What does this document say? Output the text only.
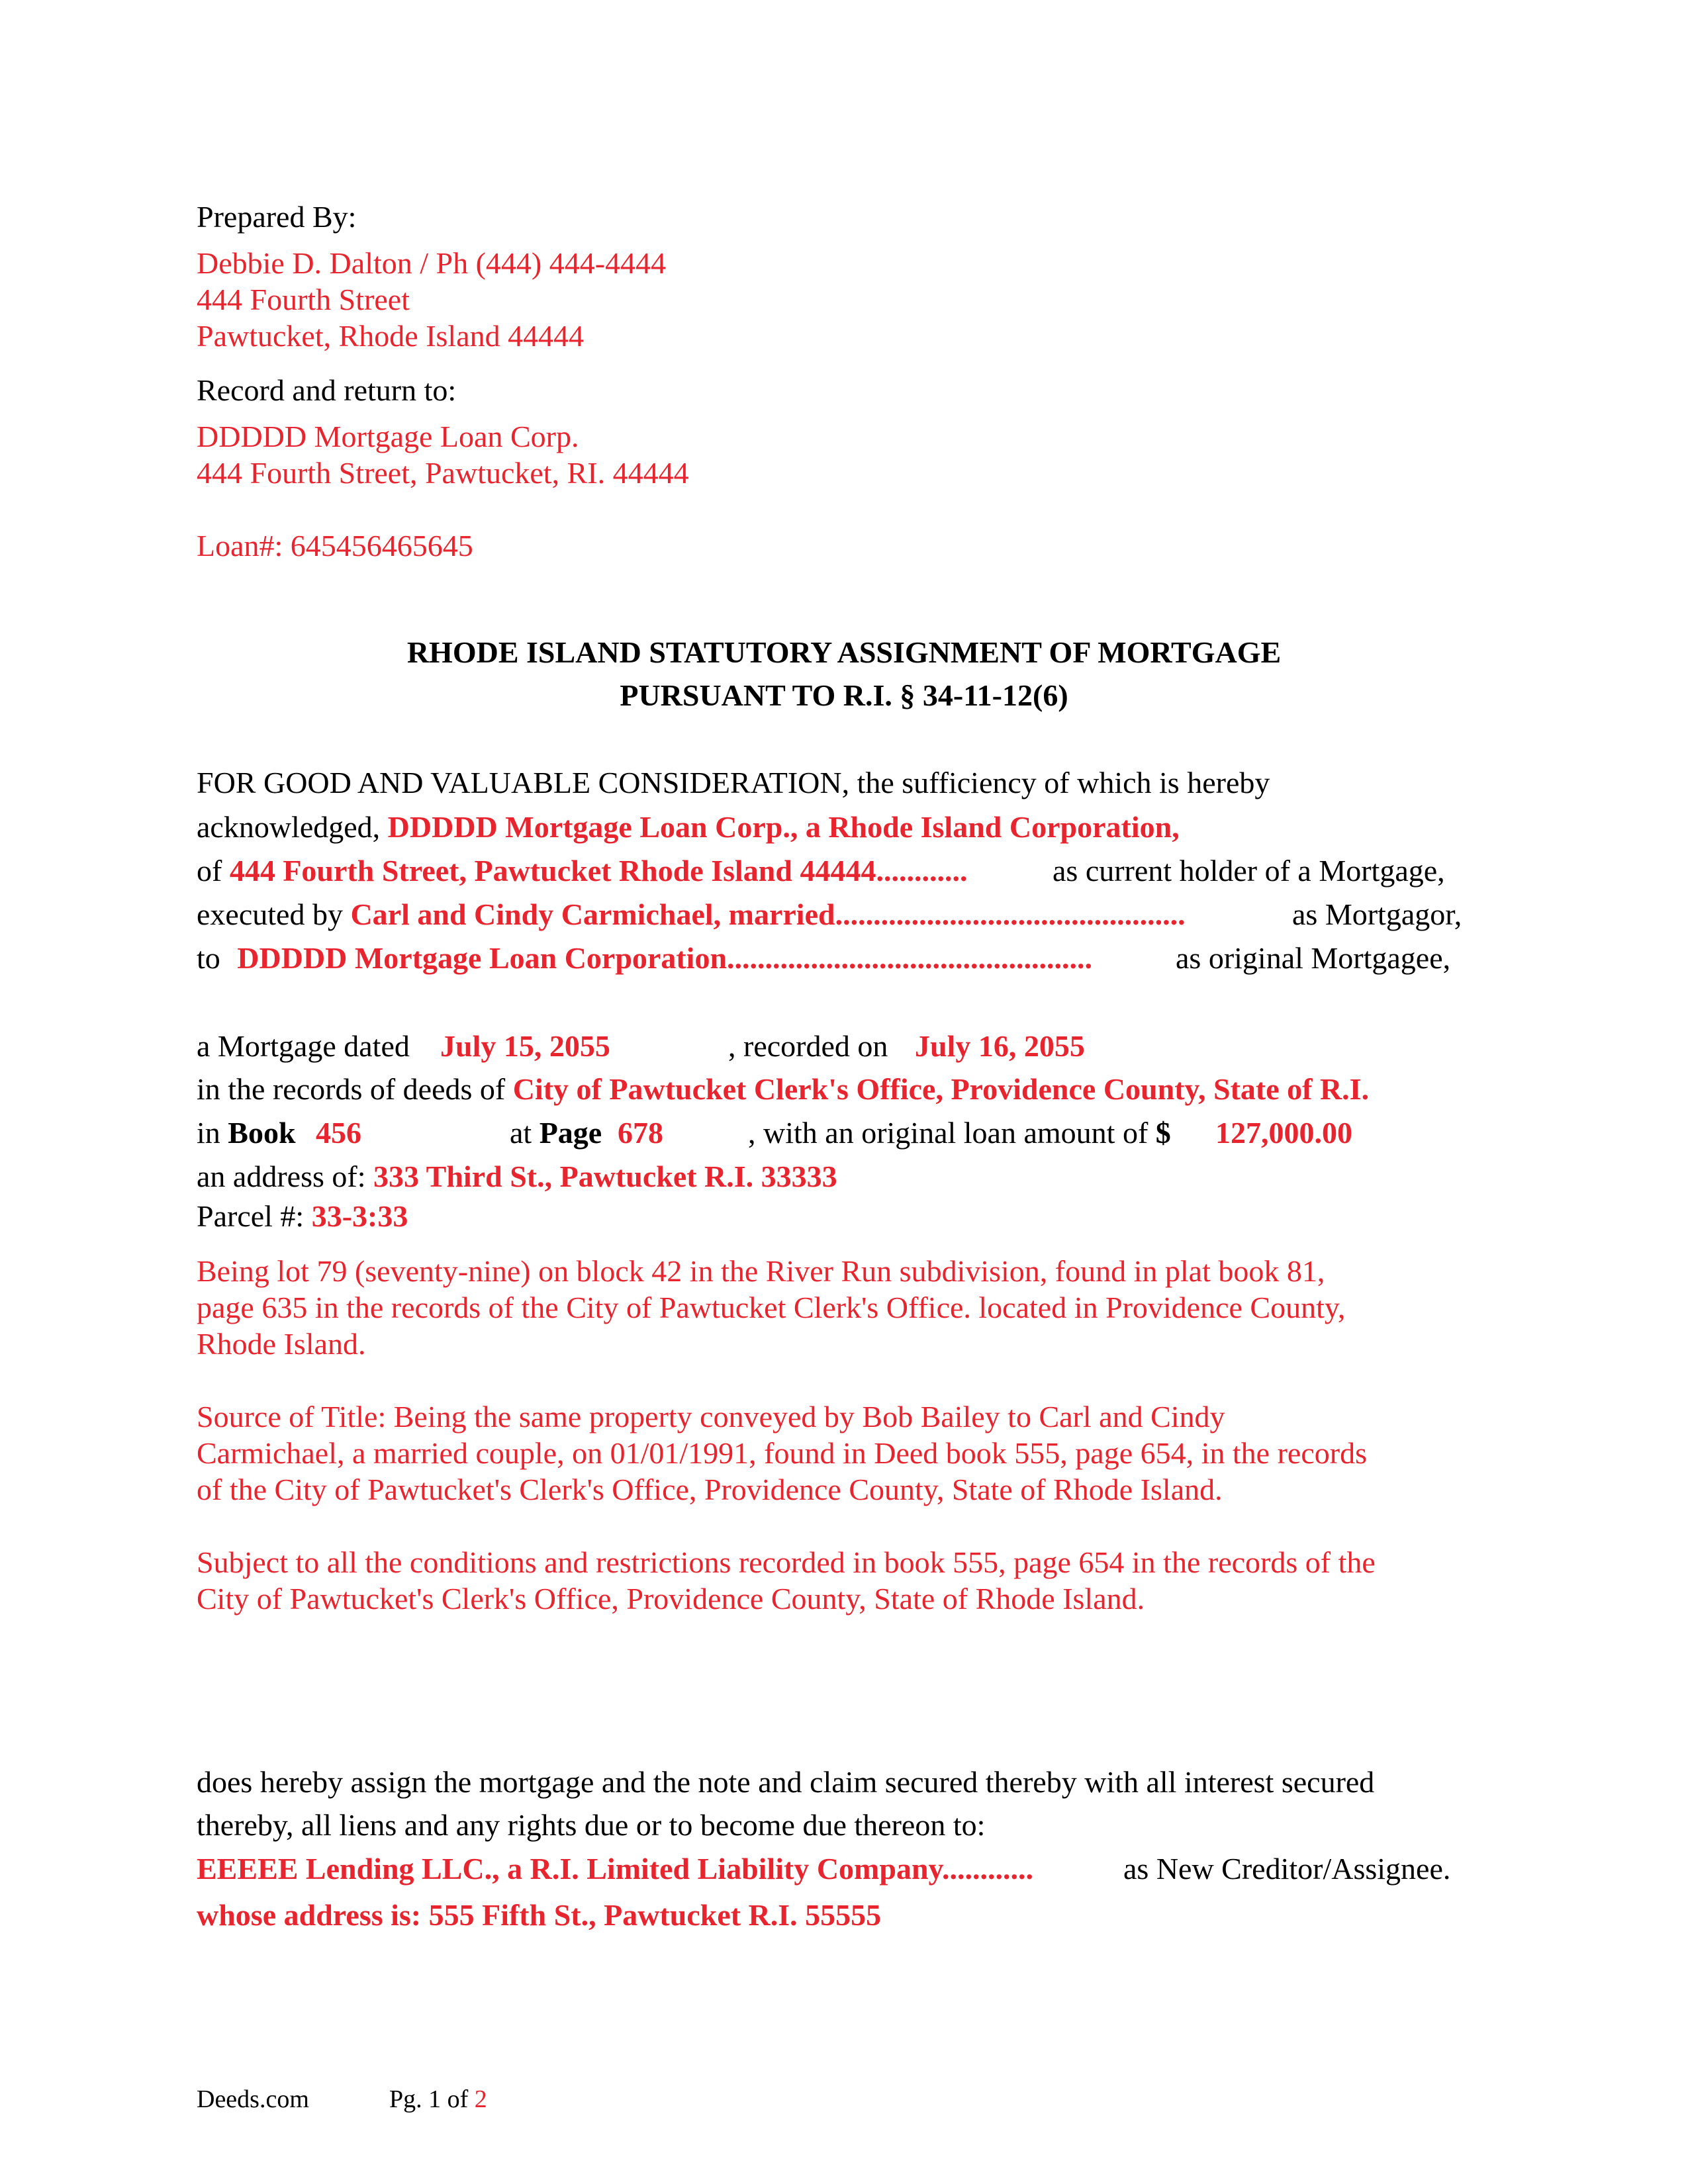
Prepared By:
Debbie D. Dalton / Ph (444) 444-4444
444 Fourth Street
Pawtucket, Rhode Island 44444
Record and return to:
DDDDD Mortgage Loan Corp.
444 Fourth Street, Pawtucket, RI. 44444
Loan#: 645456465645
RHODE ISLAND STATUTORY ASSIGNMENT OF MORTGAGE
PURSUANT TO R.I. § 34-11-12(6)
FOR GOOD AND VALUABLE CONSIDERATION, the sufficiency of which is hereby
acknowledged, DDDDD Mortgage Loan Corp., a Rhode Island Corporation,
of 444 Fourth Street, Pawtucket Rhode Island 44444............	as current holder of a Mortgage,
executed by Carl and Cindy Carmichael, married..............................................	as Mortgagor,
to DDDDD Mortgage Loan Corporation................................................	as original Mortgagee,
a Mortgage dated July 15, 2055	, recorded on July 16, 2055
in the records of deeds of City of Pawtucket Clerk's Office, Providence County, State of R.I.
in Book 456	at Page 678	, with an original loan amount of $ 127,000.00
an address of: 333 Third St., Pawtucket R.I. 33333
Parcel #: 33-3:33
Being lot 79 (seventy-nine) on block 42 in the River Run subdivision, found in plat book 81,
page 635 in the records of the City of Pawtucket Clerk's Office. located in Providence County,
Rhode Island.
Source of Title: Being the same property conveyed by Bob Bailey to Carl and Cindy
Carmichael, a married couple, on 01/01/1991, found in Deed book 555, page 654, in the records
of the City of Pawtucket's Clerk's Office, Providence County, State of Rhode Island.
Subject to all the conditions and restrictions recorded in book 555, page 654 in the records of the
City of Pawtucket's Clerk's Office, Providence County, State of Rhode Island.
does hereby assign the mortgage and the note and claim secured thereby with all interest secured
thereby, all liens and any rights due or to become due thereon to:
EEEEE Lending LLC., a R.I. Limited Liability Company............	as New Creditor/Assignee.
whose address is: 555 Fifth St., Pawtucket R.I. 55555
Deeds.com	Pg. 1 of 2
